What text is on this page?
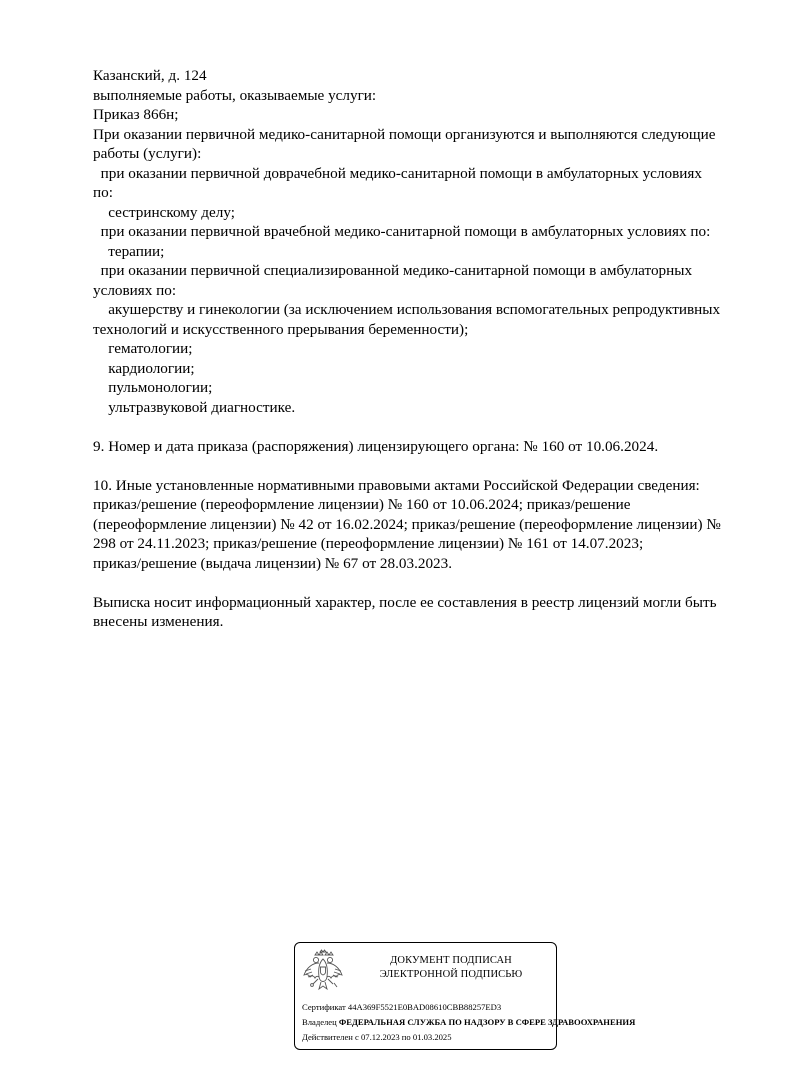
Казанский, д. 124
выполняемые работы, оказываемые услуги:
Приказ 866н;
При оказании первичной медико-санитарной помощи организуются и выполняются следующие
работы (услуги):
при оказании первичной доврачебной медико-санитарной помощи в амбулаторных условиях
по:
сестринскому делу;
при оказании первичной врачебной медико-санитарной помощи в амбулаторных условиях по:
терапии;
при оказании первичной специализированной медико-санитарной помощи в амбулаторных
условиях по:
акушерству и гинекологии (за исключением использования вспомогательных репродуктивных
технологий и искусственного прерывания беременности);
гематологии;
кардиологии;
пульмонологии;
ультразвуковой диагностике.
9. Номер и дата приказа (распоряжения) лицензирующего органа: № 160 от 10.06.2024.
10. Иные установленные нормативными правовыми актами Российской Федерации сведения:
приказ/решение (переоформление лицензии) № 160 от 10.06.2024; приказ/решение
(переоформление лицензии) № 42 от 16.02.2024; приказ/решение (переоформление лицензии) №
298 от 24.11.2023; приказ/решение (переоформление лицензии) № 161 от 14.07.2023;
приказ/решение (выдача лицензии) № 67 от 28.03.2023.
Выписка носит информационный характер, после ее составления в реестр лицензий могли быть
внесены изменения.
ДОКУМЕНТ ПОДПИСАН
ЭЛЕКТРОННОЙ ПОДПИСЬЮ
Сертификат 44A369F5521E0BAD08610CBB88257ED3
Владелец ФЕДЕРАЛЬНАЯ СЛУЖБА ПО НАДЗОРУ В СФЕРЕ ЗДРАВООХРАНЕНИЯ
Действителен с 07.12.2023 по 01.03.2025
